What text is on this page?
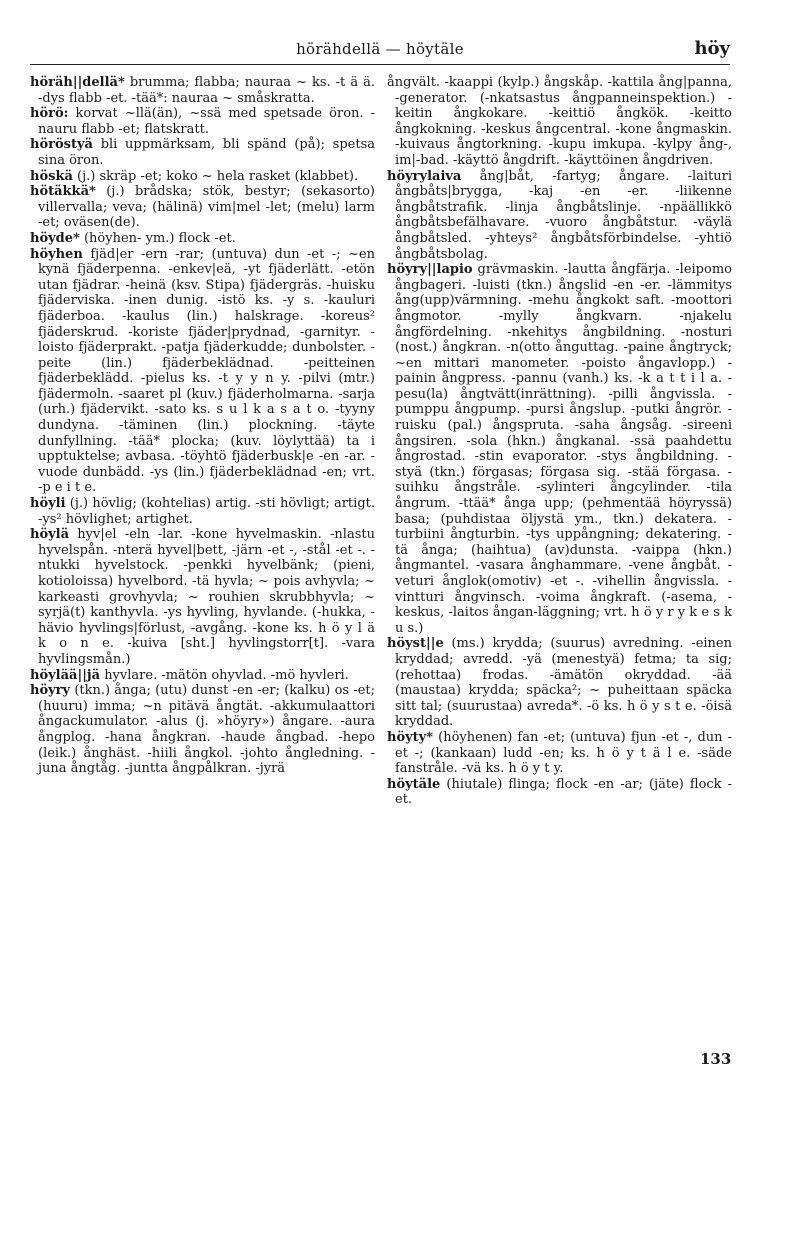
hörähdellä — höytäle	höy

höräh||dellä* brumma; flabba; nauraa ~ ks. -t ä ä. -dys flabb -et. -tää*: nauraa ~ småskratta.

hörö: korvat ~llä(än), ~ssä med spetsade öron. -nauru flabb -et; flatskratt.

höröstyä bli uppmärksam, bli spänd (på); spetsa sina öron.

höskä (j.) skräp -et; koko ~ hela rasket (klabbet).

hötäkkä* (j.) brådska; stök, bestyr; (sekasorto) villervalla; veva; (hälinä) vim|mel -let; (melu) larm -et; oväsen(de).

höyde* (höyhen- ym.) flock -et.

höyhen fjäd|er -ern -rar; (untuva) dun -et -; ~en kynä fjäderpenna. -enkev|eä, -yt fjäderlätt. -etön utan fjädrar. -heinä (ksv. Stipa) fjädergräs. -huisku fjäderviska. -inen dunig. -istö ks. -y s. -kauluri fjäderboa. -kaulus (lin.) halskrage. -koreus² fjäderskrud. -koriste fjäder|prydnad, -garnityr. -loisto fjäderprakt. -patja fjäderkudde; dunbolster. -peite (lin.) fjäderbeklädnad. -peitteinen fjäderbeklädd. -pielus ks. -t y y n y. -pilvi (mtr.) fjädermoln. -saaret pl (kuv.) fjäderholmarna. -sarja (urh.) fjädervikt. -sato ks. s u l k a s a t o. -tyyny dundyna. -täminen (lin.) plockning. -täyte dunfyllning. -tää* plocka; (kuv. löylyttää) ta i upptuktelse; avbasa. -töyhtö fjäderbusk|e -en -ar. -vuode dunbädd. -ys (lin.) fjäderbeklädnad -en; vrt. -p e i t e.

höyli (j.) hövlig; (kohtelias) artig. -sti hövligt; artigt. -ys² hövlighet; artighet.

höylä hyv|el -eln -lar. -kone hyvelmaskin. -nlastu hyvelspån. -nterä hyvel|bett, -järn -et -, -stål -et -. -ntukki hyvelstock. -penkki hyvelbänk; (pieni, kotioloissa) hyvelbord. -tä hyvla; ~ pois avhyvla; ~ karkeasti grovhyvla; ~ rouhien skrubbhyvla; ~ syrjä(t) kanthyvla. -ys hyvling, hyvlande. (-hukka, -hävio hyvlings|förlust, -avgång. -kone ks. h ö y l ä k o n e. -kuiva [sht.] hyvlingstorr[t]. -vara hyvlingsmån.)

höylää||jä hyvlare. -mätön ohyvlad. -mö hyvleri.

höyry (tkn.) ånga; (utu) dunst -en -er; (kalku) os -et; (huuru) imma; ~n pitävä ångtät. -akkumulaattori ångackumulator. -alus (j. »höyry») ångare. -aura ångplog. -hana ångkran. -haude ångbad. -hepo (leik.) ånghäst. -hiili ångkol. -johto ångledning. -juna ångtåg. -juntta ångpålkran. -jyrä

ångvält. -kaappi (kylp.) ångskåp. -kattila ång|panna, -generator. (-nkatsastus ångpanneinspektion.) -keitin ångkokare. -keittiö ångkök. -keitto ångkokning. -keskus ångcentral. -kone ångmaskin. -kuivaus ångtorkning. -kupu imkupa. -kylpy ång-, im|-bad. -käyttö ångdrift. -käyttöinen ångdriven.

höyrylaiva ång|båt, -fartyg; ångare. -laituri ångbåts|brygga, -kaj -en -er. -liikenne ångbåtstrafik. -linja ångbåtslinje. -npäällikkö ångbåtsbefälhavare. -vuoro ångbåtstur. -väylä ångbåtsled. -yhteys² ångbåtsförbindelse. -yhtiö ångbåtsbolag.

höyry||lapio grävmaskin. -lautta ångfärja. -leipomo ångbageri. -luisti (tkn.) ångslid -en -er. -lämmitys ång(upp)värmning. -mehu ångkokt saft. -moottori ångmotor. -mylly ångkvarn. -njakelu ångfördelning. -nkehitys ångbildning. -nosturi (nost.) ångkran. -n(otto ånguttag. -paine ångtryck; ~en mittari manometer. -poisto ångavlopp.) -painin ångpress. -pannu (vanh.) ks. -k a t t i l a. -pesu(la) ångtvätt(inrättning). -pilli ångvissla. -pumppu ångpump. -pursi ångslup. -putki ångrör. -ruisku (pal.) ångspruta. -saha ångsåg. -sireeni ångsiren. -sola (hkn.) ångkanal. -ssä paahdettu ångrostad. -stin evaporator. -stys ångbildning. -styä (tkn.) förgasas; förgasa sig. -stää förgasa. -suihku ångstråle. -sylinteri ångcylinder. -tila ångrum. -ttää* ånga upp; (pehmentää höyryssä) basa; (puhdistaa öljystä ym., tkn.) dekatera. -turbiini ångturbin. -tys uppångning; dekatering. -tä ånga; (haihtua) (av)dunsta. -vaippa (hkn.) ångmantel. -vasara ånghammare. -vene ångbåt. -veturi ånglok(omotiv) -et -. -vihellin ångvissla. -vintturi ångvinsch. -voima ångkraft. (-asema, -keskus, -laitos ångan-läggning; vrt. h ö y r y k e s k u s.)

höyst||e (ms.) krydda; (suurus) avredning. -einen kryddad; avredd. -yä (menestyä) fetma; ta sig; (rehottaa) frodas. -ämätön okryddad. -ää (maustaa) krydda; späcka²; ~ puheittaan späcka sitt tal; (suurustaa) avreda*. -ö ks. h ö y s t e. -öisä kryddad.

höyty* (höyhenen) fan -et; (untuva) fjun -et -, dun -et -; (kankaan) ludd -en; ks. h ö y t ä l e. -säde fanstråle. -vä ks. h ö y t y.

höytäle (hiutale) flinga; flock -en -ar; (jäte) flock -et.

133
